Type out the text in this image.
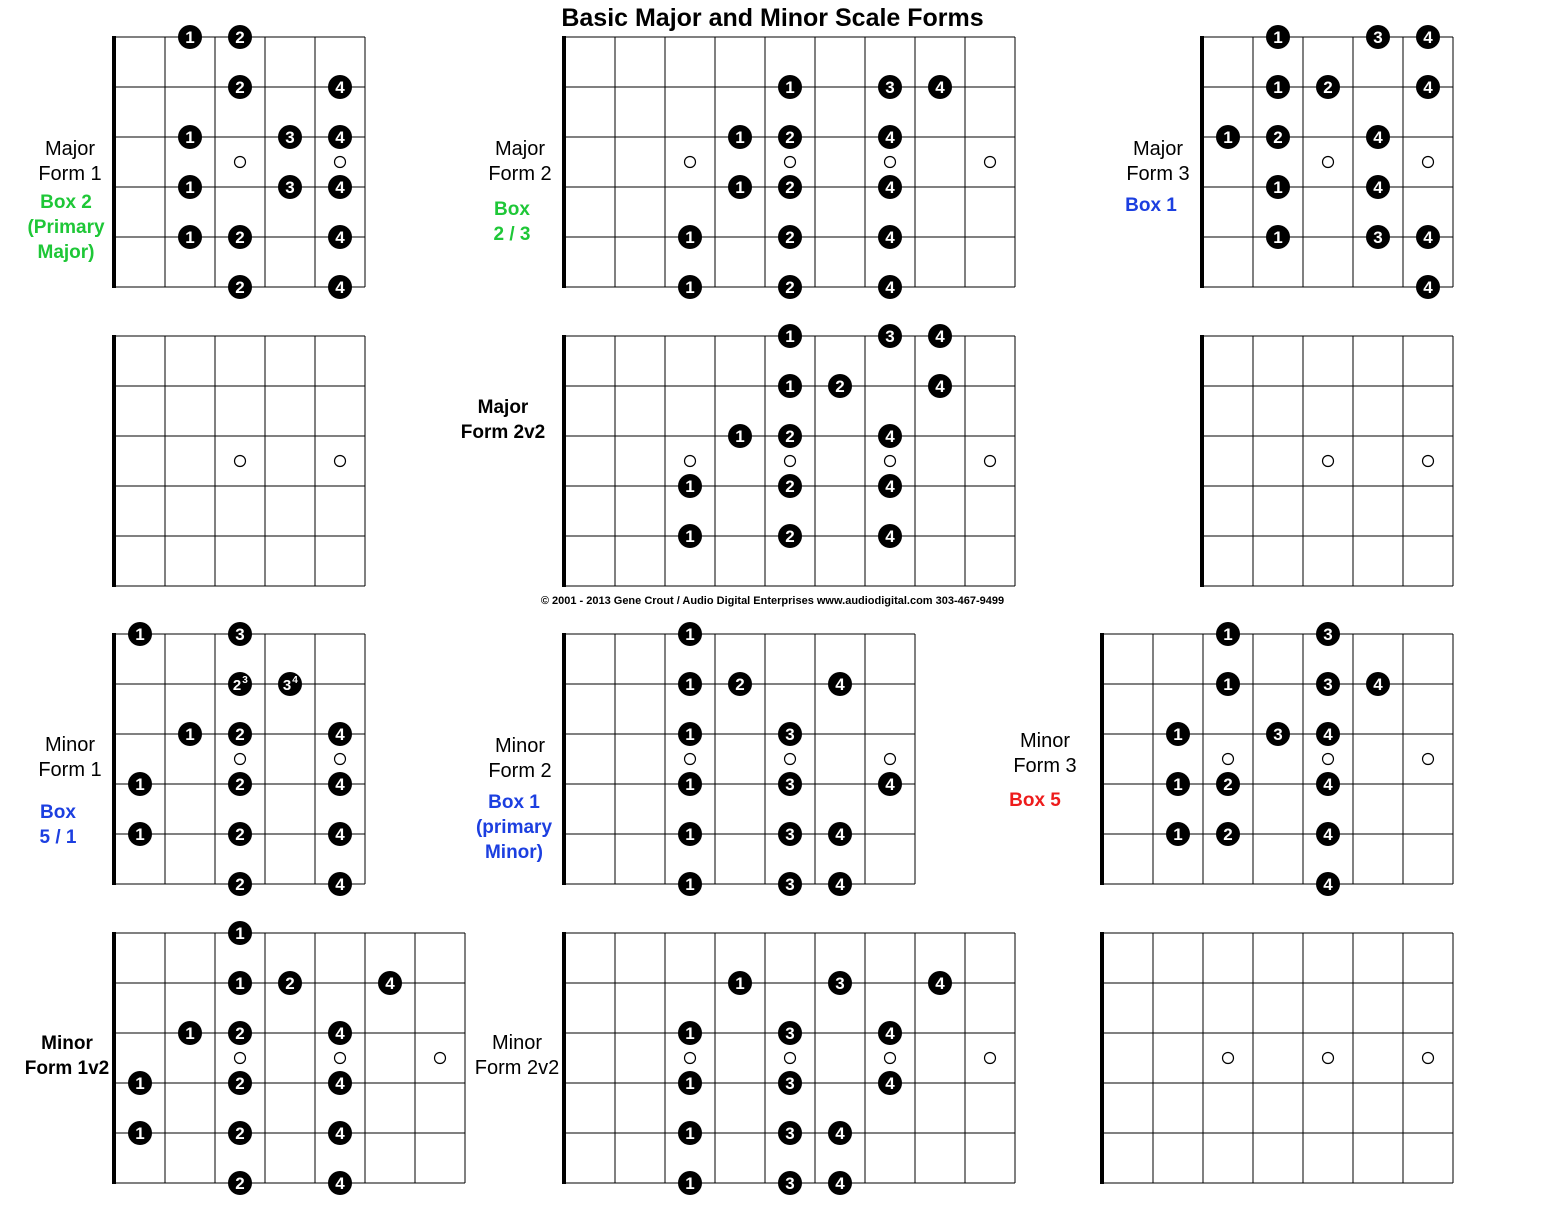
Basic Major and Minor Scale Forms
1 2
2	4
1	3 4
1	3 4
1 2	4
2	4
1	3 4
1 2	4
1 2	4
1	2	4
1	2	4
1	3 4
1 2	4
1 2	4
1	4
1	3 4
4
1	3 4
1 2	4
1 2	4
1	2	4
1	2	4
1	3
2 3 3 4
1 2	4
1	2	4
1	2	4
2	4
1
1 2	4
1	3
1	3	4
1	3 4
1	3 4
1	3
1	3 4
1	3 4
1 2	4
1 2	4
4
1
1 2	4
1 2	4
1	2	4
1	2	4
2	4
1	3	4
1	3	4
1	3	4
1	3 4
1	3 4
Major
Form 1
Box 2
(Primary
Major)
Major
Form 2
Box
2 / 3
Major
Form 3
Box 1
Major
Form 2v2
Minor
Form 1
Box
5 / 1
Minor
Form 2
Box 1
(primary
Minor)
Minor
Form 3
Box 5
Minor
Form 1v2
Minor
Form 2v2
© 2001 - 2013 Gene Crout / Audio Digital Enterprises www.audiodigital.com 303-467-9499
